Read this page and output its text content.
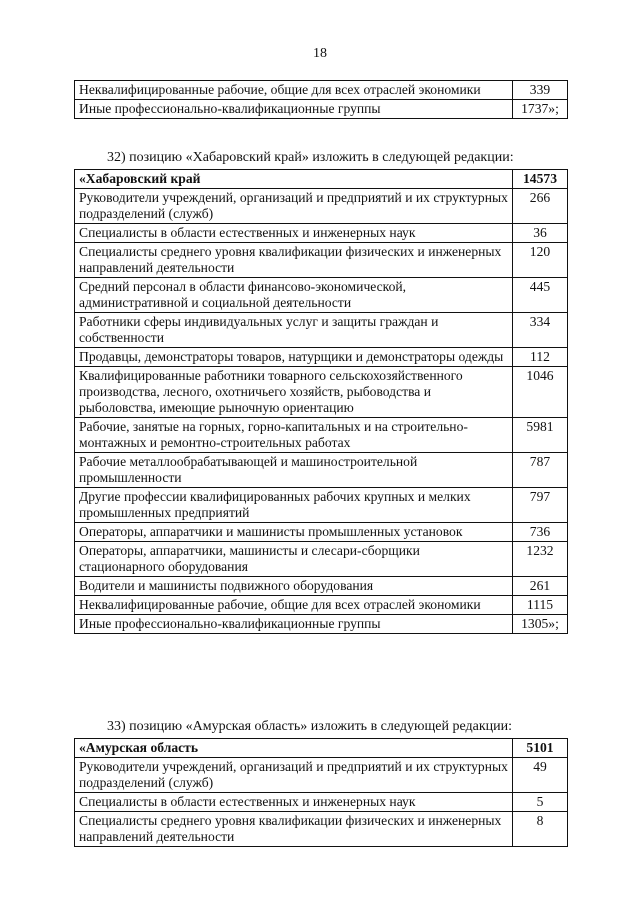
18
Неквалифицированные рабочие, общие для всех отраслей экономики	339
Иные профессионально-квалификационные группы	1737»;
32) позицию «Хабаровский край» изложить в следующей редакции:
«Хабаровский край	14573
Руководители учреждений, организаций и предприятий и их структурных подразделений (служб)	266
Специалисты в области естественных и инженерных наук	36
Специалисты среднего уровня квалификации физических и инженерных направлений деятельности	120
Средний персонал в области финансово-экономической, административной и социальной деятельности	445
Работники сферы индивидуальных услуг и защиты граждан и собственности	334
Продавцы, демонстраторы товаров, натурщики и демонстраторы одежды	112
Квалифицированные работники товарного сельскохозяйственного производства, лесного, охотничьего хозяйств, рыбоводства и рыболовства, имеющие рыночную ориентацию	1046
Рабочие, занятые на горных, горно-капитальных и на строительно-монтажных и ремонтно-строительных работах	5981
Рабочие металлообрабатывающей и машиностроительной промышленности	787
Другие профессии квалифицированных рабочих крупных и мелких промышленных предприятий	797
Операторы, аппаратчики и машинисты промышленных установок	736
Операторы, аппаратчики, машинисты и слесари-сборщики стационарного оборудования	1232
Водители и машинисты подвижного оборудования	261
Неквалифицированные рабочие, общие для всех отраслей экономики	1115
Иные профессионально-квалификационные группы	1305»;
33) позицию «Амурская область» изложить в следующей редакции:
«Амурская область	5101
Руководители учреждений, организаций и предприятий и их структурных подразделений (служб)	49
Специалисты в области естественных и инженерных наук	5
Специалисты среднего уровня квалификации физических и инженерных направлений деятельности	8
